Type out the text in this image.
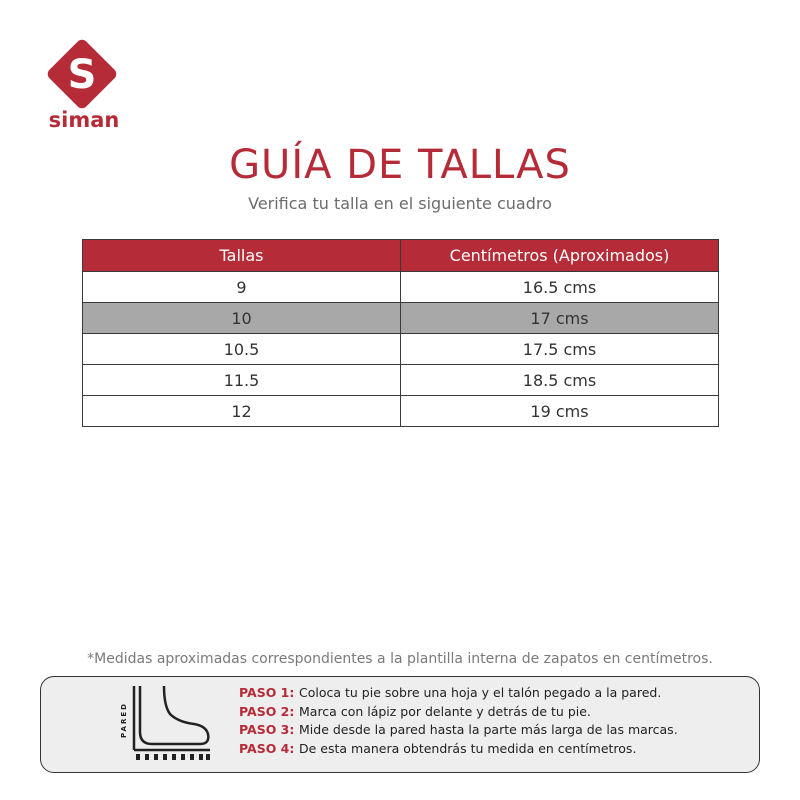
S
siman
GUÍA DE TALLAS
Verifica tu talla en el siguiente cuadro
Tallas	Centímetros (Aproximados)
9	16.5 cms
10	17 cms
10.5	17.5 cms
11.5	18.5 cms
12	19 cms
*Medidas aproximadas correspondientes a la plantilla interna de zapatos en centímetros.
PARED
PASO 1: Coloca tu pie sobre una hoja y el talón pegado a la pared.
PASO 2: Marca con lápiz por delante y detrás de tu pie.
PASO 3: Mide desde la pared hasta la parte más larga de las marcas.
PASO 4: De esta manera obtendrás tu medida en centímetros.
